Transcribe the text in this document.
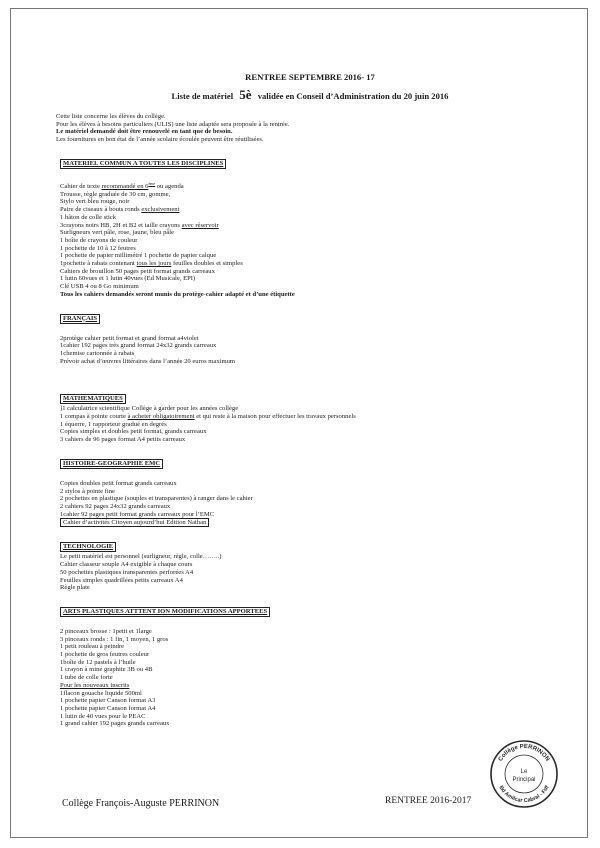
RENTREE SEPTEMBRE 2016- 17
Liste de matériel 5è validée en Conseil d’Administration du 20 juin 2016

Cette liste concerne les élèves du collège.

Pour les élèves à besoins particuliers (ULIS) une liste adaptée sera proposée à la rentrée.

Le matériel demandé doit être renouvelé en tant que de besoin.

Les fournitures en bon état de l’année scolaire écoulée peuvent être réutilisées.

MATERIEL COMMUN A TOUTES LES DISCIPLINES

Cahier de texte recommandé en 6ème ou agenda

Trousse, règle graduée de 30 cm, gomme,

Stylo vert bleu rouge, noir

Paire de ciseaux à bouts ronds exclusivement

1 bâton de colle stick

3crayons noirs HB, 2H et B2 et taille crayons avec réservoir

Surligneurs vert pâle, rose, jaune, bleu pâle

1 boîte de crayons de couleur

1 pochette de 10 à 12 feutres

1 pochette de papier millimétré 1 pochette de papier calque

1pochette à rabats contenant tous les jours feuilles doubles et simples

Cahiers de brouillon 50 pages petit format grands carreaux

1 lutin 60vues et 1 lutin 40vues (Ed Musicale, EPI)

Clé USB 4 ou 8 Go minimum

Tous les cahiers demandés seront munis du protège-cahier adapté et d’une étiquette

FRANÇAIS

2protège cahier petit format et grand format a4violet

1cahier 192 pages très grand format 24x32 grands carreaux

1chemise cartonnée à rabats

Prévoir achat d’œuvres littéraires dans l’année 20 euros maximum

MATHEMATIQUES

]1 calculatrice scientifique Collège à garder pour les années collège

1 compas à pointe courte à acheter obligatoirement et qui reste à la maison pour effectuer les travaux personnels

1 équerre, 1 rapporteur gradué en degrés

Copies simples et doubles petit format, grands carreaux

3 cahiers de 96 pages format A4 petits carreaux

HISTOIRE-GEOGRAPHIE EMC

Copies doubles petit format grands carreaux

2 stylos à pointe fine

2 pochettes en plastique (souples et transparentes) à ranger dans le cahier

2 cahiers 92 pages 24x32 grands carreaux

1cahier 92 pages petit format grands carreaux pour l’EMC

Cahier d’activités Citoyen aujourd’hui Edition Nathan

TECHNOLOGIE

Le petit matériel est personnel (surligneur, règle, colle……..)

Cahier classeur souple A4 exigible à chaque cours

50 pochettes plastiques transparentes perforées A4

Feuilles simples quadrillées petits carreaux A4

Règle plate

ARTS PLASTIQUES ATTTENT ION MODIFICATIONS APPORTEES

2 pinceaux brosse : 1petit et 1large

3 pinceaux ronds : 1 fin, 1 moyen, 1 gros

1 petit rouleau à peindre

1 pochette de gros feutres couleur

1boîte de 12 pastels à l’huile

1 crayon à mine graphite 3B ou 4B

1 tube de colle forte

Pour les nouveaux inscrits

1flacon gouache liquide 500ml

1 pochette papier Canson format A3

1 pochette papier Canson format A4

1 lutin de 40 vues pour le PEAC

1 grand cahier 192 pages grands carreaux

Collège François-Auguste PERRINON	RENTREE 2016-2017
Collège PERRINON
Bd Amilcar Cabral - Fdf
Le
Principal
